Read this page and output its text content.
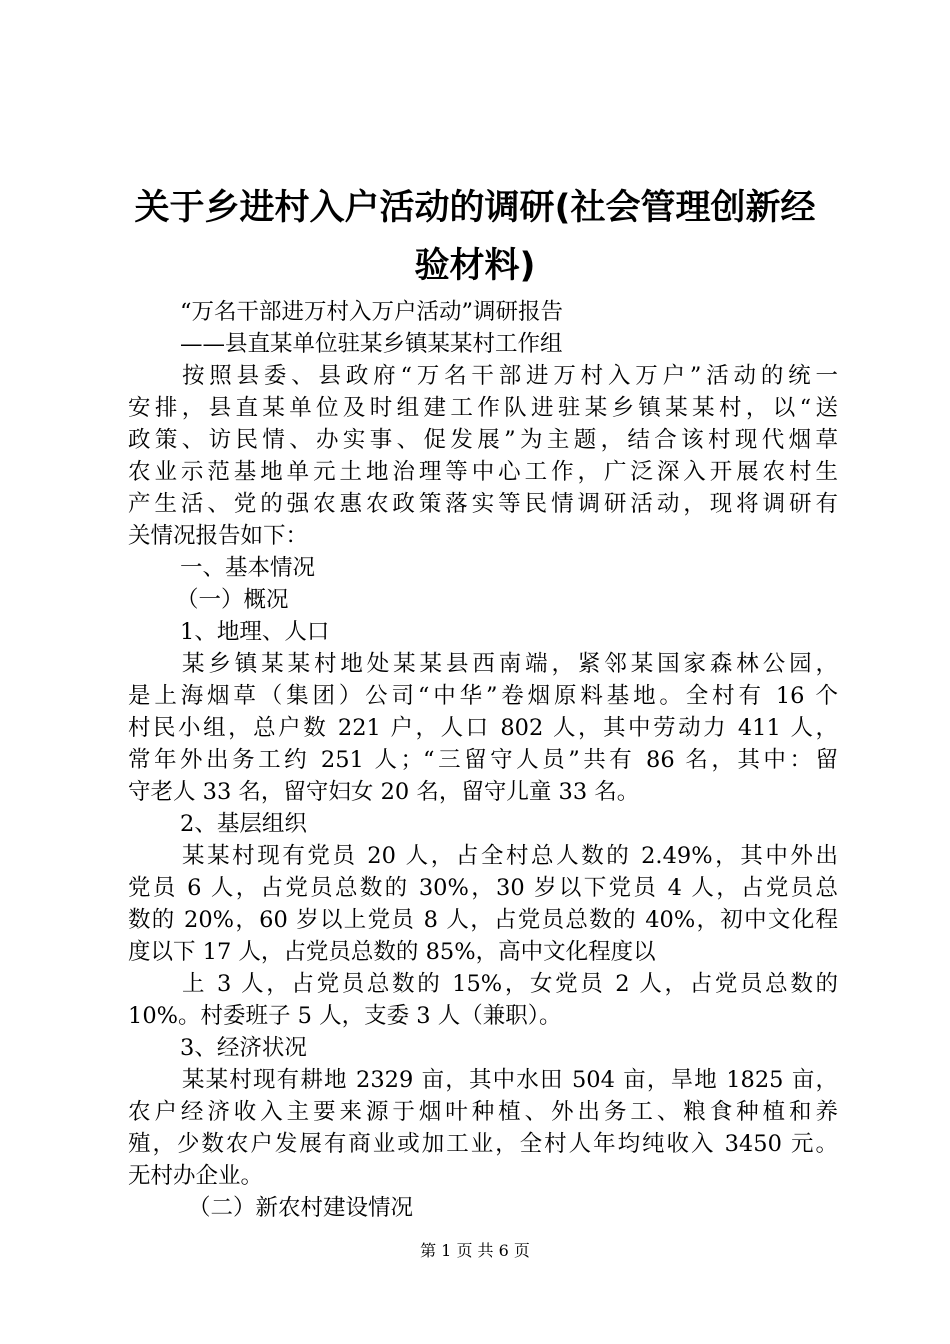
关于乡进村入户活动的调研(社会管理创新经
验材料)
“万名干部进万村入万户活动”调研报告
——县直某单位驻某乡镇某某村工作组
按照县委、县政府“万名干部进万村入万户”活动的统一
安排，县直某单位及时组建工作队进驻某乡镇某某村，以“送
政策、访民情、办实事、促发展”为主题，结合该村现代烟草
农业示范基地单元土地治理等中心工作，广泛深入开展农村生
产生活、党的强农惠农政策落实等民情调研活动，现将调研有
关情况报告如下：
一、基本情况
（一）概况
1、地理、人口
某乡镇某某村地处某某县西南端，紧邻某国家森林公园，
是上海烟草（集团）公司“中华”卷烟原料基地。全村有 16 个
村民小组，总户数 221 户，人口 802 人，其中劳动力 411 人，
常年外出务工约 251 人；“三留守人员”共有 86 名，其中：留
守老人 33 名，留守妇女 20 名，留守儿童 33 名。
2、基层组织
某某村现有党员 20 人，占全村总人数的 2.49%，其中外出
党员 6 人，占党员总数的 30%，30 岁以下党员 4 人，占党员总
数的 20%，60 岁以上党员 8 人，占党员总数的 40%，初中文化程
度以下 17 人，占党员总数的 85%，高中文化程度以
上 3 人，占党员总数的 15%，女党员 2 人，占党员总数的
10%。村委班子 5 人，支委 3 人（兼职）。
3、经济状况
某某村现有耕地 2329 亩，其中水田 504 亩，旱地 1825 亩，
农户经济收入主要来源于烟叶种植、外出务工、粮食种植和养
殖，少数农户发展有商业或加工业，全村人年均纯收入 3450 元。
无村办企业。
（二）新农村建设情况
第 1 页 共 6 页
